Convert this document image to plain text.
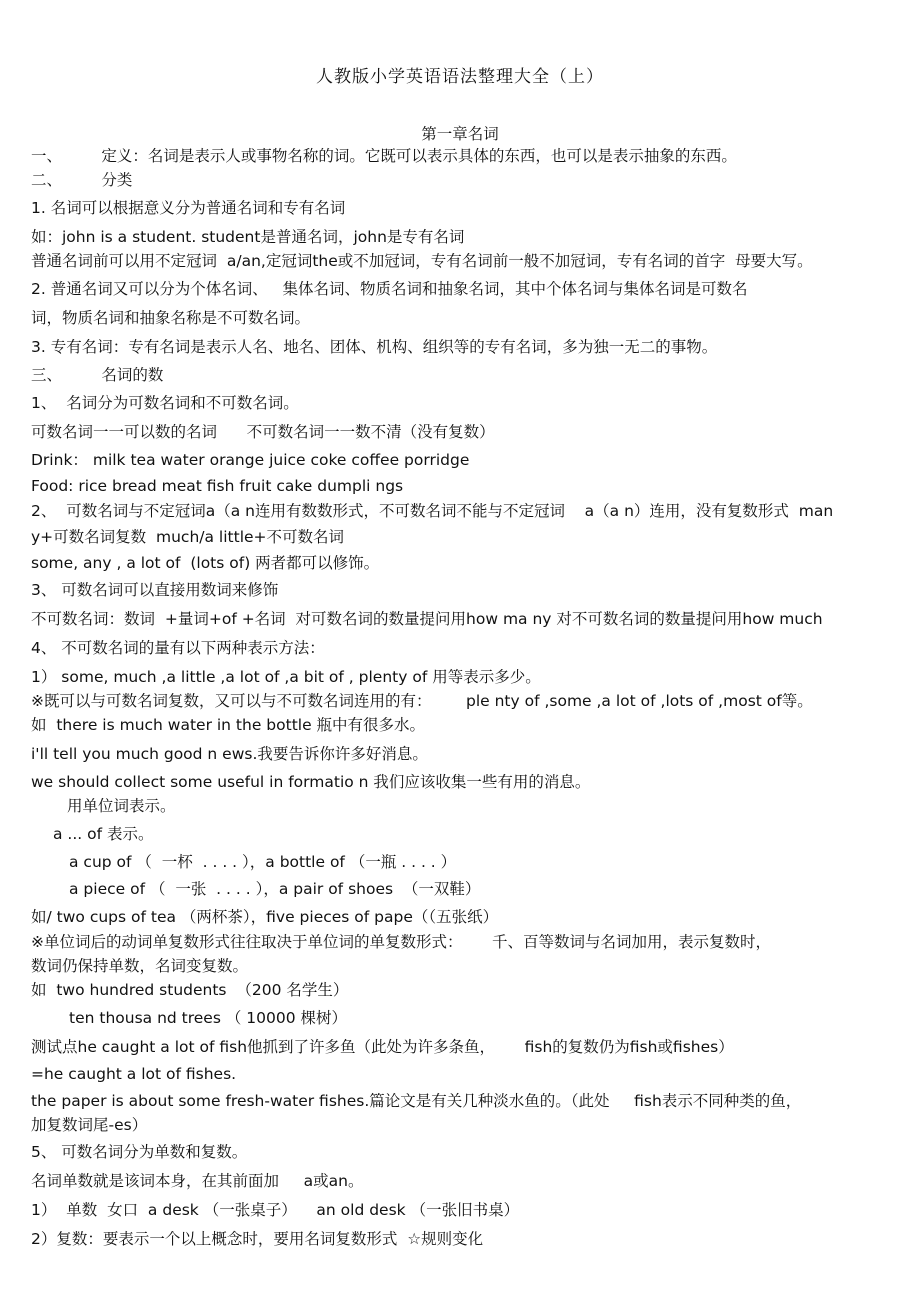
人教版小学英语语法整理大全（上）
第一章名词
一、        定义：名词是表示人或事物名称的词。它既可以表示具体的东西，也可以是表示抽象的东西。
二、        分类
1. 名词可以根据意义分为普通名词和专有名词
如：john is a student. student是普通名词，john是专有名词
普通名词前可以用不定冠词  a/an,定冠词the或不加冠词，专有名词前一般不加冠词，专有名词的首字  母要大写。
2. 普通名词又可以分为个体名词、   集体名词、物质名词和抽象名词，其中个体名词与集体名词是可数名
词，物质名词和抽象名称是不可数名词。
3. 专有名词：专有名词是表示人名、地名、团体、机构、组织等的专有名词，多为独一无二的事物。
三、        名词的数
1、  名词分为可数名词和不可数名词。
可数名词一一可以数的名词      不可数名词一一数不清（没有复数）
Drink： milk tea water orange juice coke coffee porridge
Food: rice bread meat fish fruit cake dumpli ngs
2、  可数名词与不定冠词a（a n连用有数数形式，不可数名词不能与不定冠词    a（a n）连用，没有复数形式  man
y+可数名词复数  much/a little+不可数名词
some, any , a lot of  (lots of) 两者都可以修饰。
3、 可数名词可以直接用数词来修饰
不可数名词：数词  +量词+of +名词  对可数名词的数量提问用how ma ny 对不可数名词的数量提问用how much
4、 不可数名词的量有以下两种表示方法：
1） some, much ,a little ,a lot of ,a bit of , plenty of 用等表示多少。
※既可以与可数名词复数，又可以与不可数名词连用的有：       ple nty of ,some ,a lot of ,lots of ,most of等。
如  there is much water in the bottle 瓶中有很多水。
i'll tell you much good n ews.我要告诉你许多好消息。
we should collect some useful in formatio n 我们应该收集一些有用的消息。
用单位词表示。
a ... of 表示。
a cup of （  一杯  . . . . ），a bottle of （一瓶 . . . . ）
a piece of （  一张  . . . . ），a pair of shoes  （一双鞋）
如/ two cups of tea （两杯茶），five pieces of pape（（五张纸）
※单位词后的动词单复数形式往往取决于单位词的单复数形式：      千、百等数词与名词加用，表示复数时，
数词仍保持单数，名词变复数。
如  two hundred students  （200 名学生）
ten thousa nd trees （ 10000 棵树）
测试点he caught a lot of fish他抓到了许多鱼（此处为许多条鱼，      fish的复数仍为fish或fishes）
=he caught a lot of fishes.
the paper is about some fresh-water fishes.篇论文是有关几种淡水鱼的。（此处     fish表示不同种类的鱼，
加复数词尾-es）
5、 可数名词分为单数和复数。
名词单数就是该词本身，在其前面加     a或an。
1）  单数  女口  a desk （一张桌子）    an old desk （一张旧书桌）
2）复数：要表示一个以上概念时，要用名词复数形式  ☆规则变化
